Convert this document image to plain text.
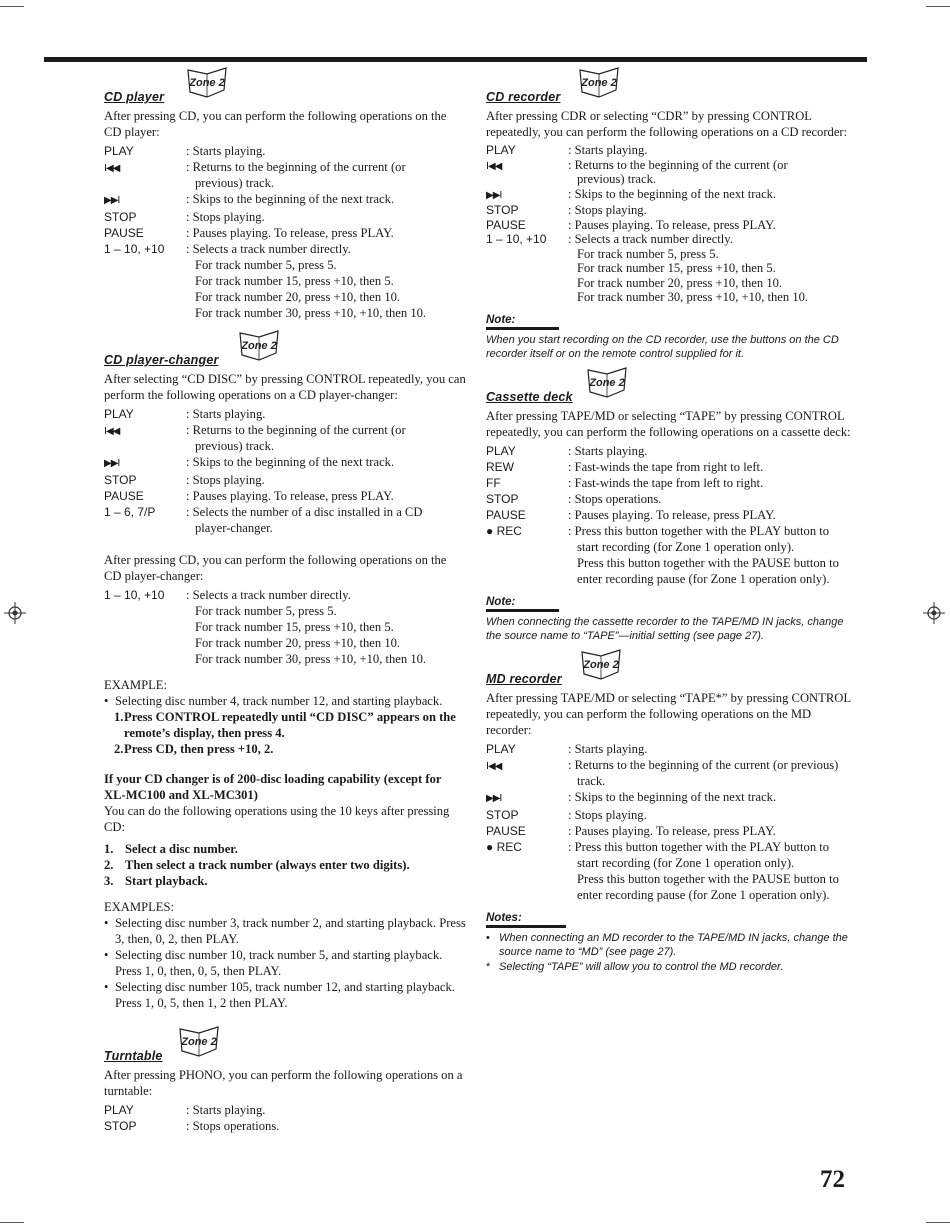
CD player
Zone 2
After pressing CD, you can perform the following operations on the CD player:
PLAY	: Starts playing.
I◀◀	: Returns to the beginning of the current (or
previous) track.
▶▶I	: Skips to the beginning of the next track.
STOP	: Stops playing.
PAUSE	: Pauses playing. To release, press PLAY.
1 – 10, +10	: Selects a track number directly.
For track number 5, press 5.
For track number 15, press +10, then 5.
For track number 20, press +10, then 10.
For track number 30, press +10, +10, then 10.
CD player-changer
Zone 2
After selecting “CD DISC” by pressing CONTROL repeatedly, you can perform the following operations on a CD player-changer:
PLAY	: Starts playing.
I◀◀	: Returns to the beginning of the current (or
previous) track.
▶▶I	: Skips to the beginning of the next track.
STOP	: Stops playing.
PAUSE	: Pauses playing. To release, press PLAY.
1 – 6, 7/P	: Selects the number of a disc installed in a CD
player-changer.
After pressing CD, you can perform the following operations on the CD player-changer:
1 – 10, +10	: Selects a track number directly.
For track number 5, press 5.
For track number 15, press +10, then 5.
For track number 20, press +10, then 10.
For track number 30, press +10, +10, then 10.
EXAMPLE:
• Selecting disc number 4, track number 12, and starting playback.
1. Press CONTROL repeatedly until “CD DISC” appears on the remote’s display, then press 4.
2. Press CD, then press +10, 2.
If your CD changer is of 200-disc loading capability (except for XL-MC100 and XL-MC301)
You can do the following operations using the 10 keys after pressing CD:
1. Select a disc number.
2. Then select a track number (always enter two digits).
3. Start playback.
EXAMPLES:
• Selecting disc number 3, track number 2, and starting playback. Press 3, then, 0, 2, then PLAY.
• Selecting disc number 10, track number 5, and starting playback. Press 1, 0, then, 0, 5, then PLAY.
• Selecting disc number 105, track number 12, and starting playback. Press 1, 0, 5, then 1, 2 then PLAY.
Turntable
Zone 2
After pressing PHONO, you can perform the following operations on a turntable:
PLAY	: Starts playing.
STOP	: Stops operations.
CD recorder
Zone 2
After pressing CDR or selecting “CDR” by pressing CONTROL repeatedly, you can perform the following operations on a CD recorder:
PLAY	: Starts playing.
I◀◀	: Returns to the beginning of the current (or
previous) track.
▶▶I	: Skips to the beginning of the next track.
STOP	: Stops playing.
PAUSE	: Pauses playing. To release, press PLAY.
1 – 10, +10	: Selects a track number directly.
For track number 5, press 5.
For track number 15, press +10, then 5.
For track number 20, press +10, then 10.
For track number 30, press +10, +10, then 10.
Note:
When you start recording on the CD recorder, use the buttons on the CD recorder itself or on the remote control supplied for it.
Cassette deck
Zone 2
After pressing TAPE/MD or selecting “TAPE” by pressing CONTROL repeatedly, you can perform the following operations on a cassette deck:
PLAY	: Starts playing.
REW	: Fast-winds the tape from right to left.
FF	: Fast-winds the tape from left to right.
STOP	: Stops operations.
PAUSE	: Pauses playing. To release, press PLAY.
● REC	: Press this button together with the PLAY button to
start recording (for Zone 1 operation only).
Press this button together with the PAUSE button to
enter recording pause (for Zone 1 operation only).
Note:
When connecting the cassette recorder to the TAPE/MD IN jacks, change the source name to “TAPE”—initial setting (see page 27).
MD recorder
Zone 2
After pressing TAPE/MD or selecting “TAPE*” by pressing CONTROL repeatedly, you can perform the following operations on the MD recorder:
PLAY	: Starts playing.
I◀◀	: Returns to the beginning of the current (or previous)
track.
▶▶I	: Skips to the beginning of the next track.
STOP	: Stops playing.
PAUSE	: Pauses playing. To release, press PLAY.
● REC	: Press this button together with the PLAY button to
start recording (for Zone 1 operation only).
Press this button together with the PAUSE button to
enter recording pause (for Zone 1 operation only).
Notes:
• When connecting an MD recorder to the TAPE/MD IN jacks, change the source name to “MD” (see page 27).
* Selecting “TAPE” will allow you to control the MD recorder.
72
